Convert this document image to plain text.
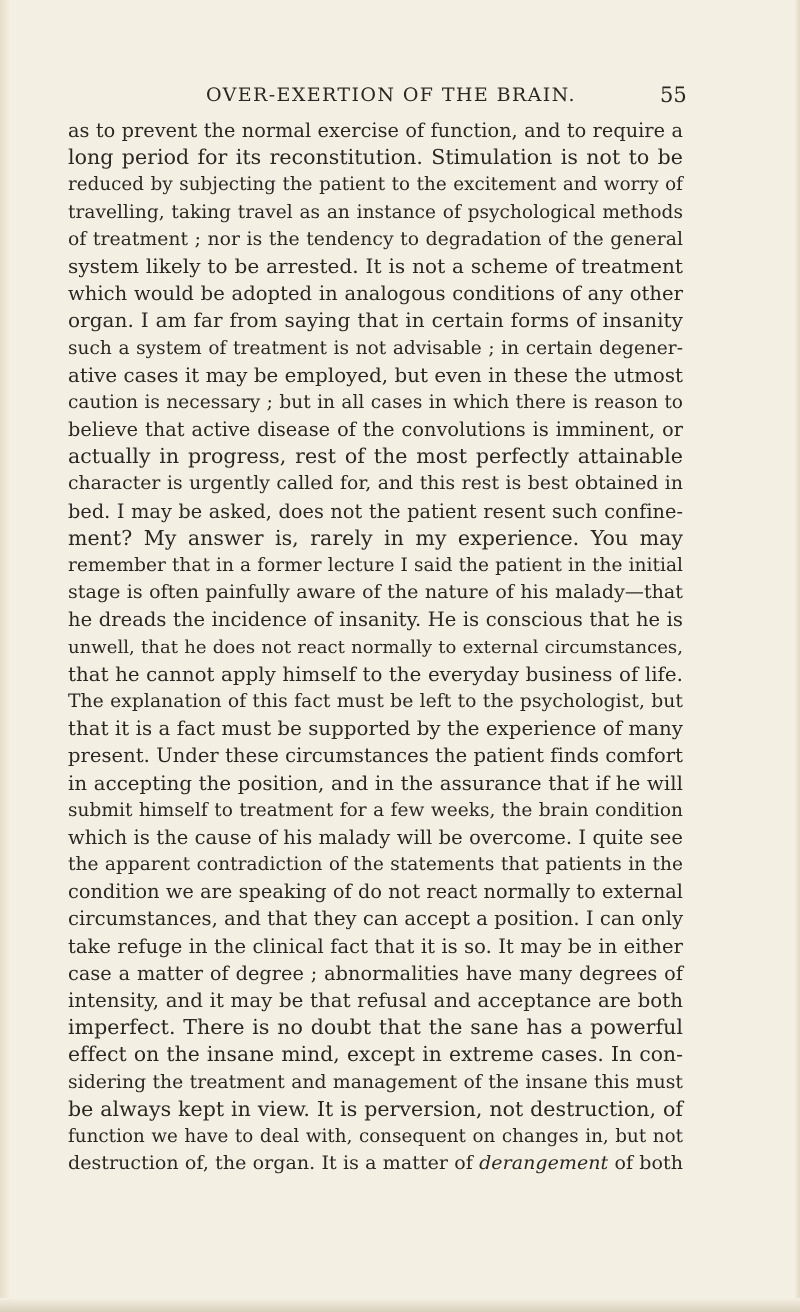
OVER-EXERTION OF THE BRAIN.	55
as to prevent the normal exercise of function, and to require a
long period for its reconstitution. Stimulation is not to be
reduced by subjecting the patient to the excitement and worry of
travelling, taking travel as an instance of psychological methods
of treatment ; nor is the tendency to degradation of the general
system likely to be arrested. It is not a scheme of treatment
which would be adopted in analogous conditions of any other
organ. I am far from saying that in certain forms of insanity
such a system of treatment is not advisable ; in certain degener-
ative cases it may be employed, but even in these the utmost
caution is necessary ; but in all cases in which there is reason to
believe that active disease of the convolutions is imminent, or
actually in progress, rest of the most perfectly attainable
character is urgently called for, and this rest is best obtained in
bed. I may be asked, does not the patient resent such confine-
ment? My answer is, rarely in my experience. You may
remember that in a former lecture I said the patient in the initial
stage is often painfully aware of the nature of his malady—that
he dreads the incidence of insanity. He is conscious that he is
unwell, that he does not react normally to external circumstances,
that he cannot apply himself to the everyday business of life.
The explanation of this fact must be left to the psychologist, but
that it is a fact must be supported by the experience of many
present. Under these circumstances the patient finds comfort
in accepting the position, and in the assurance that if he will
submit himself to treatment for a few weeks, the brain condition
which is the cause of his malady will be overcome. I quite see
the apparent contradiction of the statements that patients in the
condition we are speaking of do not react normally to external
circumstances, and that they can accept a position. I can only
take refuge in the clinical fact that it is so. It may be in either
case a matter of degree ; abnormalities have many degrees of
intensity, and it may be that refusal and acceptance are both
imperfect. There is no doubt that the sane has a powerful
effect on the insane mind, except in extreme cases. In con-
sidering the treatment and management of the insane this must
be always kept in view. It is perversion, not destruction, of
function we have to deal with, consequent on changes in, but not
destruction of, the organ. It is a matter of derangement of both
